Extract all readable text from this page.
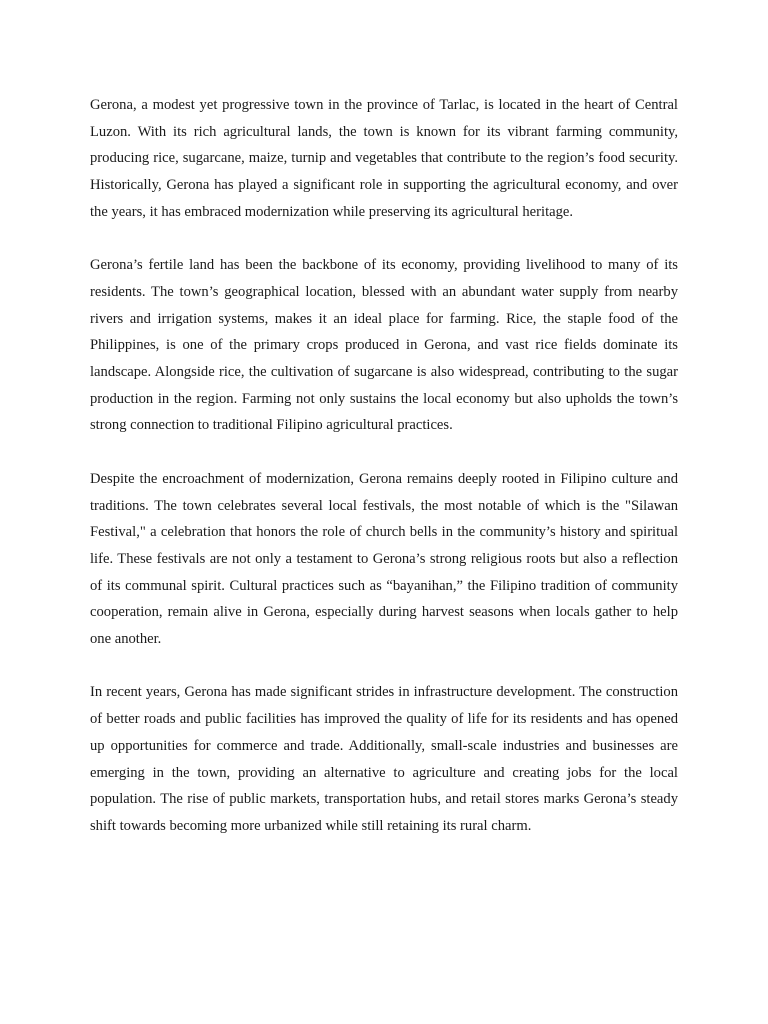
Gerona, a modest yet progressive town in the province of Tarlac, is located in the heart of Central Luzon. With its rich agricultural lands, the town is known for its vibrant farming community, producing rice, sugarcane, maize, turnip and vegetables that contribute to the region’s food security. Historically, Gerona has played a significant role in supporting the agricultural economy, and over the years, it has embraced modernization while preserving its agricultural heritage.

Gerona’s fertile land has been the backbone of its economy, providing livelihood to many of its residents. The town’s geographical location, blessed with an abundant water supply from nearby rivers and irrigation systems, makes it an ideal place for farming. Rice, the staple food of the Philippines, is one of the primary crops produced in Gerona, and vast rice fields dominate its landscape. Alongside rice, the cultivation of sugarcane is also widespread, contributing to the sugar production in the region. Farming not only sustains the local economy but also upholds the town’s strong connection to traditional Filipino agricultural practices.

Despite the encroachment of modernization, Gerona remains deeply rooted in Filipino culture and traditions. The town celebrates several local festivals, the most notable of which is the "Silawan Festival," a celebration that honors the role of church bells in the community’s history and spiritual life. These festivals are not only a testament to Gerona’s strong religious roots but also a reflection of its communal spirit. Cultural practices such as “bayanihan,” the Filipino tradition of community cooperation, remain alive in Gerona, especially during harvest seasons when locals gather to help one another.

In recent years, Gerona has made significant strides in infrastructure development. The construction of better roads and public facilities has improved the quality of life for its residents and has opened up opportunities for commerce and trade. Additionally, small-scale industries and businesses are emerging in the town, providing an alternative to agriculture and creating jobs for the local population. The rise of public markets, transportation hubs, and retail stores marks Gerona’s steady shift towards becoming more urbanized while still retaining its rural charm.
